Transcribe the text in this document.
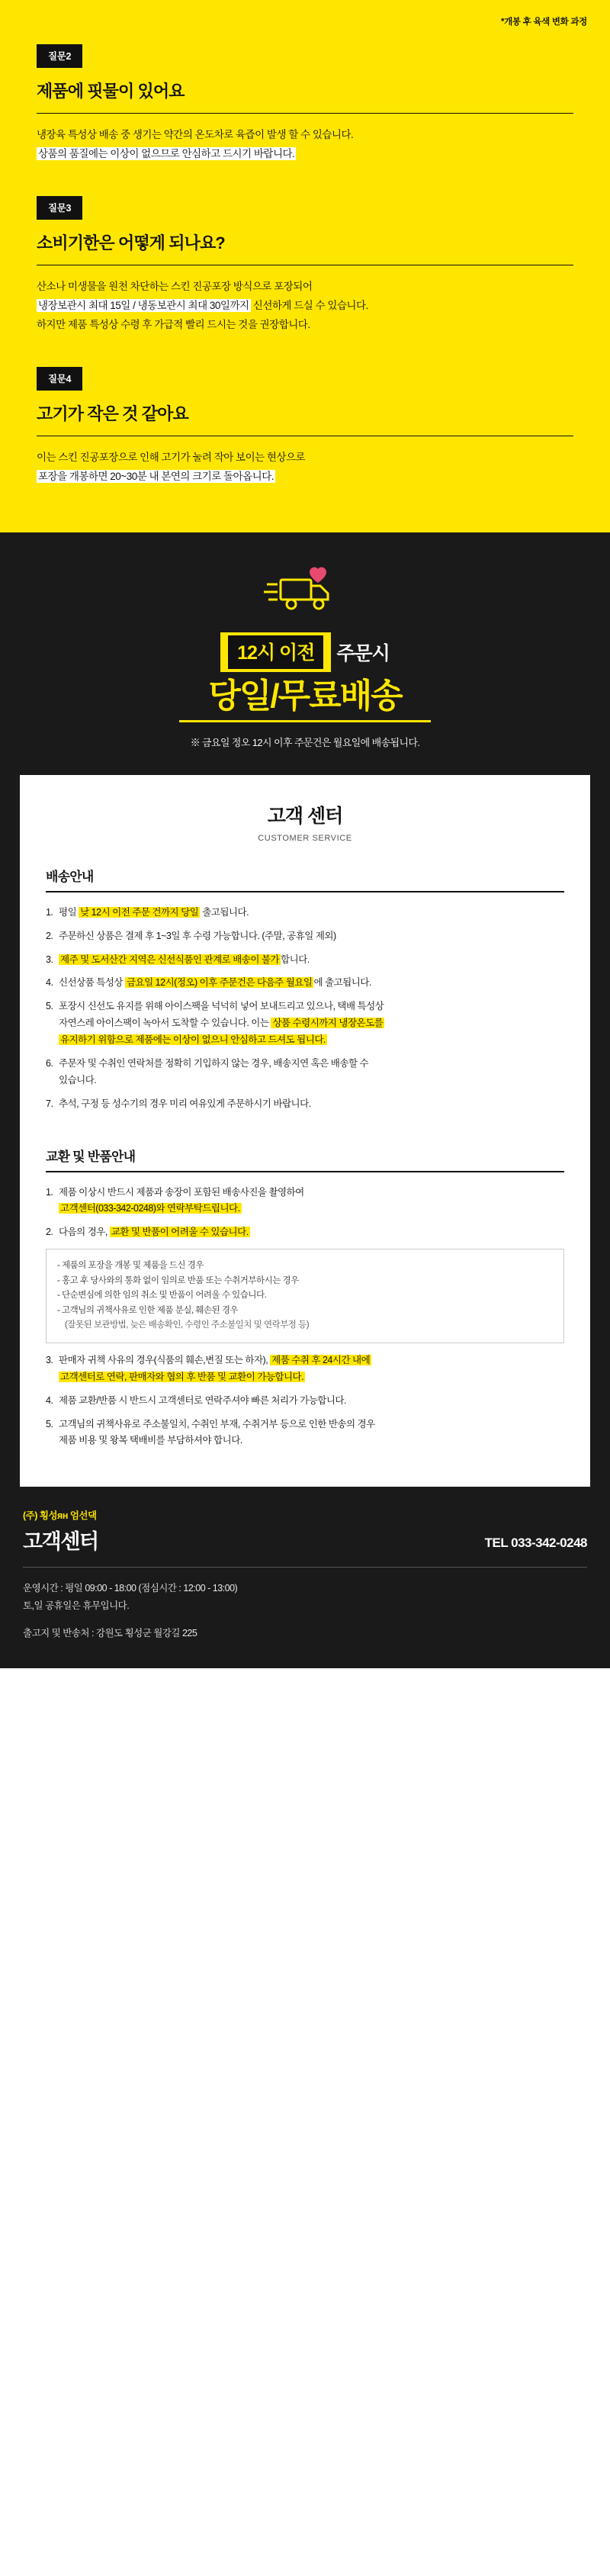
*개봉 후 육색 변화 과정
질문2
제품에 핏물이 있어요
냉장육 특성상 배송 중 생기는 약간의 온도차로 육즙이 발생 할 수 있습니다.
상품의 품질에는 이상이 없으므로 안심하고 드시기 바랍니다.
질문3
소비기한은 어떻게 되나요?
산소나 미생물을 원천 차단하는 스킨 진공포장 방식으로 포장되어
냉장보관시 최대 15일 / 냉동보관시 최대 30일까지 신선하게 드실 수 있습니다.
하지만 제품 특성상 수령 후 가급적 빨리 드시는 것을 권장합니다.
질문4
고기가 작은 것 같아요
이는 스킨 진공포장으로 인해 고기가 눌려 작아 보이는 현상으로
포장을 개봉하면 20~30분 내 본연의 크기로 돌아옵니다.
12시 이전 주문시
당일/무료배송
※ 금요일 정오 12시 이후 주문건은 월요일에 배송됩니다.
고객 센터
CUSTOMER SERVICE
배송안내
1. 평일 낮 12시 이전 주문 건까지 당일 출고됩니다.
2. 주문하신 상품은 결제 후 1~3일 후 수령 가능합니다. (주말, 공휴일 제외)
3. 제주 및 도서산간 지역은 신선식품인 관계로 배송이 불가 합니다.
4. 신선상품 특성상 금요일 12시(정오) 이후 주문건은 다음주 월요일 에 출고됩니다.
5. 포장시 신선도 유지를 위해 아이스팩을 넉넉히 넣어 보내드리고 있으나, 택배 특성상
자연스레 아이스팩이 녹아서 도착할 수 있습니다. 이는 상품 수령시까지 냉장온도를
유지하기 위함으로 제품에는 이상이 없으니 안심하고 드셔도 됩니다.
6. 주문자 및 수취인 연락처를 정확히 기입하지 않는 경우, 배송지연 혹은 배송할 수
있습니다.
7. 추석, 구정 등 성수기의 경우 미리 여유있게 주문하시기 바랍니다.
교환 및 반품안내
1. 제품 이상시 반드시 제품과 송장이 포함된 배송사진을 촬영하여
고객센터(033-342-0248)와 연락부탁드립니다.
2. 다음의 경우, 교환 및 반품이 어려울 수 있습니다.

- 제품의 포장을 개봉 및 제품을 드신 경우

- 홍고 후 당사와의 통화 없이 임의로 반품 또는 수취거부하시는 경우

- 단순변심에 의한 임의 취소 및 반품이 어려울 수 있습니다.

- 고객님의 귀책사유로 인한 제품 분실, 훼손된 경우

(잘못된 보관방법, 늦은 배송확인, 수령인 주소불일치 및 연락부정 등)

3. 판매자 귀책 사유의 경우(식품의 훼손,변질 또는 하자), 제품 수취 후 24시간 내에
고객센터로 연락, 판매자와 협의 후 반품 및 교환이 가능합니다.
4. 제품 교환/반품 시 반드시 고객센터로 연락주셔야 빠른 처리가 가능합니다.
5. 고객님의 귀책사유로 주소불일치, 수취인 부재, 수취거부 등으로 인한 반송의 경우
제품 비용 및 왕복 택배비를 부담하셔야 합니다.
(주) 횡성ян 엄선댁
고객센터	TEL 033-342-0248

운영시간 : 평일 09:00 - 18:00 (점심시간 : 12:00 - 13:00)

토,일 공휴일은 휴무입니다.

출고지 및 반송처 : 강원도 횡성군 월강길 225
